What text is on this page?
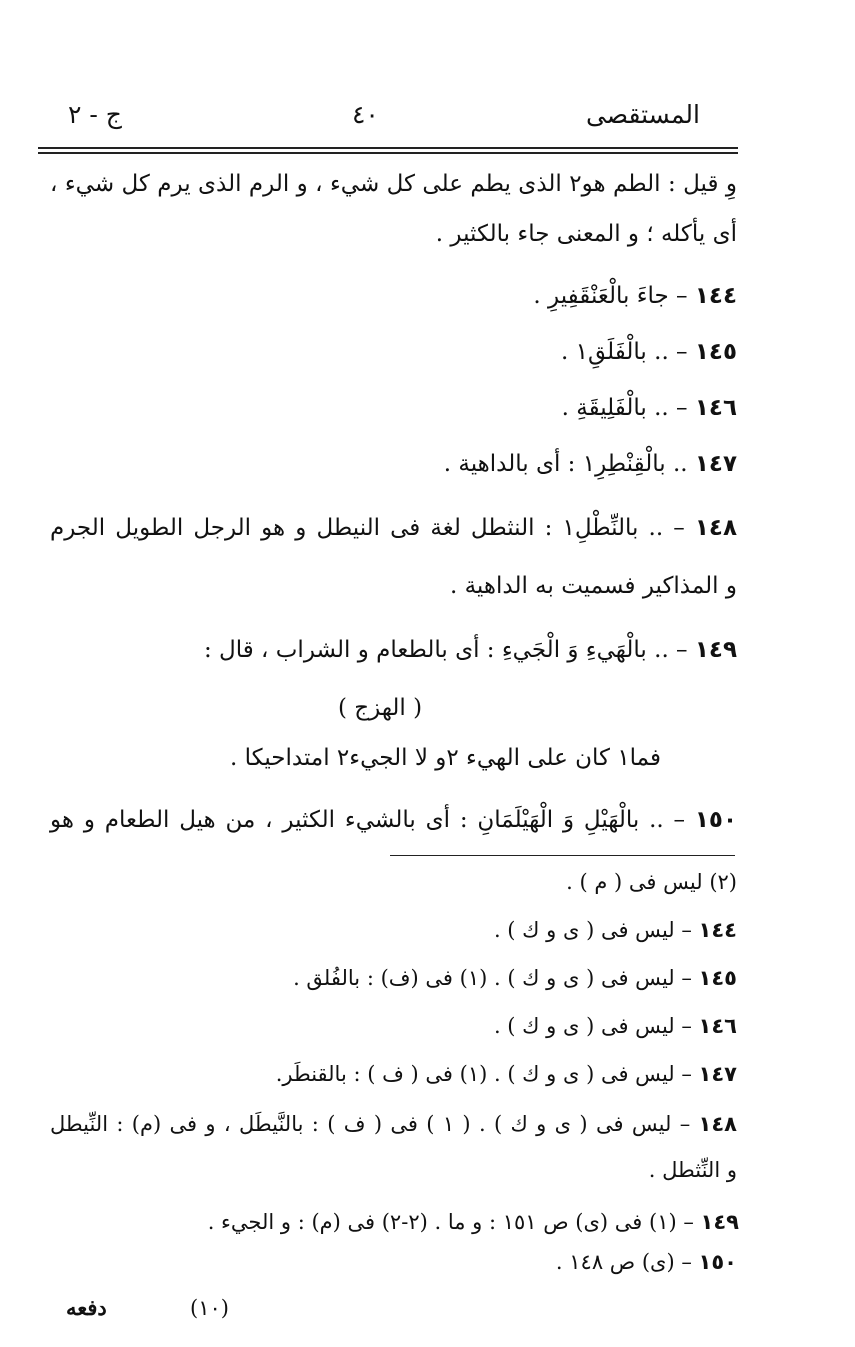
المستقصى
٤٠
ج - ٢
وِ قيل : الطم هو٢ الذى يطم على كل شيء ، و الرم الذى يرم كل شيء ،
أى يأكله ؛ و المعنى جاء بالكثير .
١٤٤ – جاءَ بالْعَنْقَفِيرِ .
١٤٥ – .. بالْفَلَقِ١ .
١٤٦ – .. بالْفَلِيقَةِ .
١٤٧ .. بالْقِنْطِرِ١ : أى بالداهية .
١٤٨ – .. بالنِّطْلِ١ : النثطل لغة فى النيطل و هو الرجل الطويل الجرم
و المذاكير فسميت به الداهية .
١٤٩ – .. بالْهَيءِ وَ الْجَيءِ : أى بالطعام و الشراب ، قال :
( الهزج )
فما١ كان على الهيء ٢و لا الجيء٢ امتداحيكا .
١٥٠ – .. بالْهَيْلِ وَ الْهَيْلَمَانِ : أى بالشيء الكثير ، من هيل الطعام و هو
(٢) ليس فى ( م ) .
١٤٤ – ليس فى ( ى و ك ) .
١٤٥ – ليس فى ( ى و ك ) . (١) فى (ف) : بالفُلق .
١٤٦ – ليس فى ( ى و ك ) .
١٤٧ – ليس فى ( ى و ك ) . (١) فى ( ف ) : بالقنطَر.
١٤٨ – ليس فى ( ى و ك ) . ( ١ ) فى ( ف ) : بالنَّيطَل ، و فى (م) : النِّيطل
و النِّثطل .
١٤٩ – (١) فى (ى) ص ١٥١ : و ما . (٢-٢) فى (م) : و الجيء .
١٥٠ – (ى) ص ١٤٨ .
(١٠)
دفعه
